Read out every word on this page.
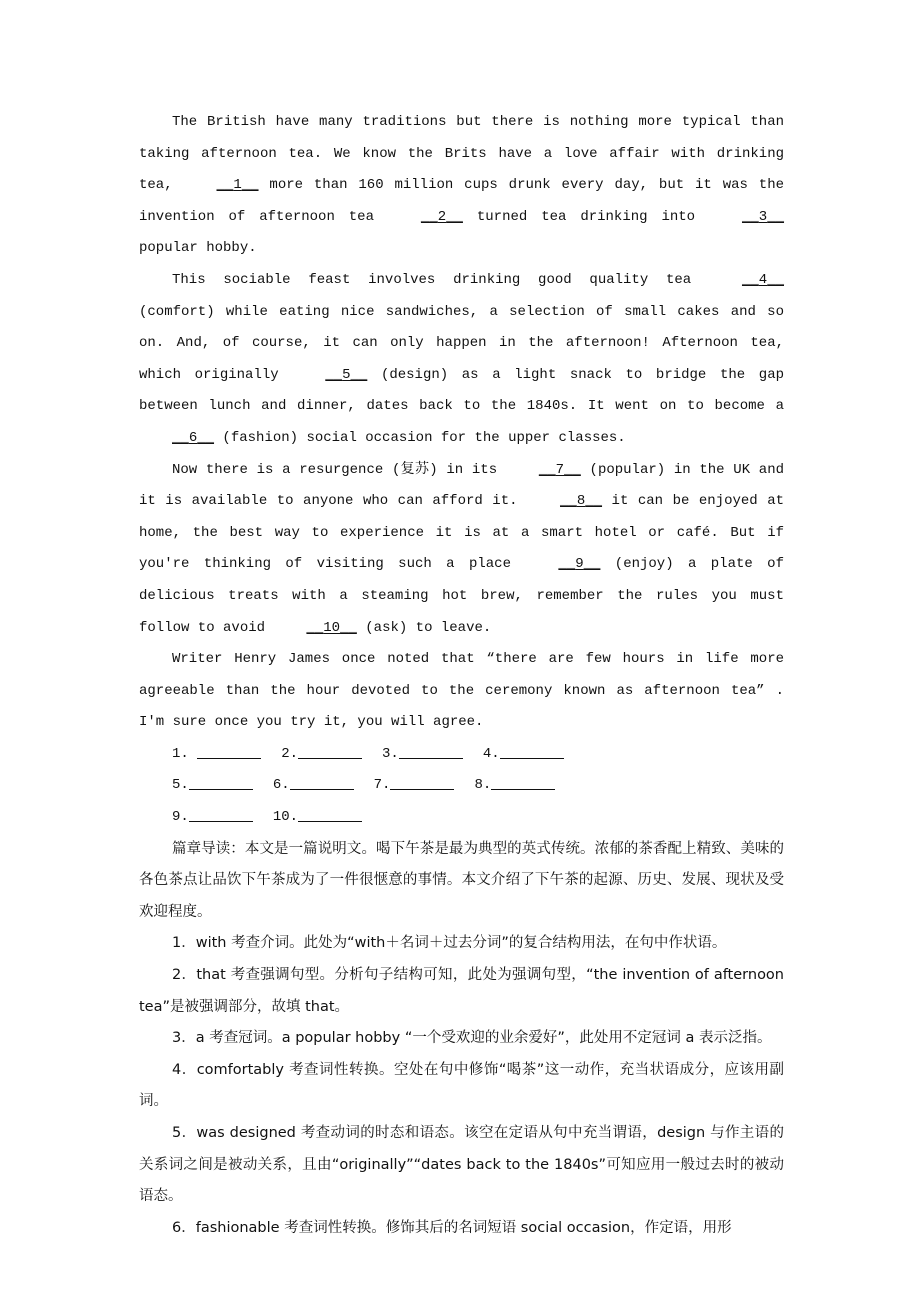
The British have many traditions but there is nothing more typical than taking afternoon tea. We know the Brits have a love affair with drinking tea, __1__ more than 160 million cups drunk every day, but it was the invention of afternoon tea __2__ turned tea drinking into __3__ popular hobby.

This sociable feast involves drinking good quality tea __4__ (comfort) while eating nice sandwiches, a selection of small cakes and so on. And, of course, it can only happen in the afternoon! Afternoon tea, which originally __5__ (design) as a light snack to bridge the gap between lunch and dinner, dates back to the 1840s. It went on to become a __6__ (fashion) social occasion for the upper classes.

Now there is a resurgence (复苏) in its __7__ (popular) in the UK and it is available to anyone who can afford it. __8__ it can be enjoyed at home, the best way to experience it is at a smart hotel or café. But if you're thinking of visiting such a place __9__ (enjoy) a plate of delicious treats with a steaming hot brew, remember the rules you must follow to avoid __10__ (ask) to leave.

Writer Henry James once noted that “there are few hours in life more agreeable than the hour devoted to the ceremony known as afternoon tea” . I'm sure once you try it, you will agree.

1.	2.	3.	4.
5.	6.	7.	8.
9.	10.

篇章导读：本文是一篇说明文。喝下午茶是最为典型的英式传统。浓郁的茶香配上精致、美味的各色茶点让品饮下午茶成为了一件很惬意的事情。本文介绍了下午茶的起源、历史、发展、现状及受欢迎程度。

1．with 考查介词。此处为“with＋名词＋过去分词”的复合结构用法，在句中作状语。

2．that 考查强调句型。分析句子结构可知，此处为强调句型，“the invention of afternoon tea”是被强调部分，故填 that。

3．a 考查冠词。a popular hobby “一个受欢迎的业余爱好”，此处用不定冠词 a 表示泛指。

4．comfortably 考查词性转换。空处在句中修饰“喝茶”这一动作，充当状语成分，应该用副词。

5．was designed 考查动词的时态和语态。该空在定语从句中充当谓语，design 与作主语的关系词之间是被动关系，且由“originally”“dates back to the 1840s”可知应用一般过去时的被动语态。

6．fashionable 考查词性转换。修饰其后的名词短语 social occasion，作定语，用形
